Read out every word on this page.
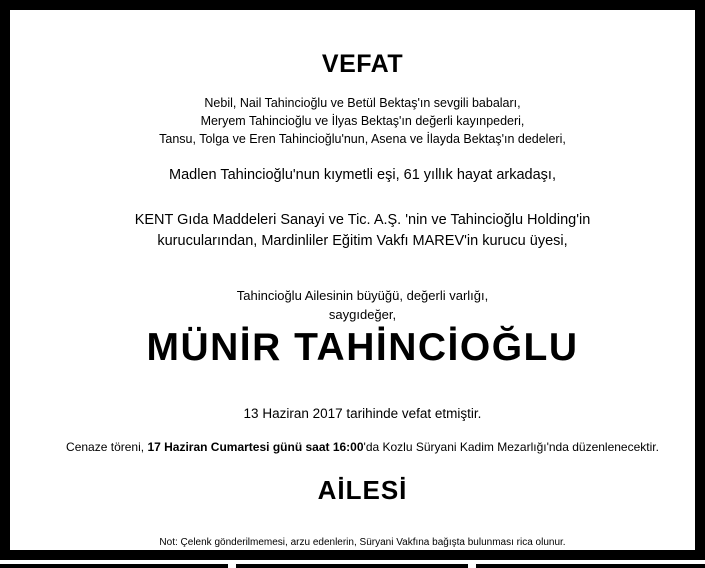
VEFAT
Nebil, Nail Tahincioğlu ve Betül Bektaş'ın sevgili babaları,
Meryem Tahincioğlu ve İlyas Bektaş'ın değerli kayınpederi,
Tansu, Tolga ve Eren Tahincioğlu'nun, Asena ve İlayda Bektaş'ın dedeleri,
Madlen Tahincioğlu'nun kıymetli eşi, 61 yıllık hayat arkadaşı,
KENT Gıda Maddeleri Sanayi ve Tic. A.Ş. 'nin ve Tahincioğlu Holding'in
kurucularından, Mardinliler Eğitim Vakfı MAREV'in kurucu üyesi,
Tahincioğlu Ailesinin büyüğü, değerli varlığı,
saygıdeğer,
MÜNİR TAHİNCİOĞLU
13 Haziran 2017 tarihinde vefat etmiştir.
Cenaze töreni, 17 Haziran Cumartesi günü saat 16:00'da Kozlu Süryani Kadim Mezarlığı'nda düzenlenecektir.
AİLESİ
Not: Çelenk gönderilmemesi, arzu edenlerin, Süryani Vakfına bağışta bulunması rica olunur.
